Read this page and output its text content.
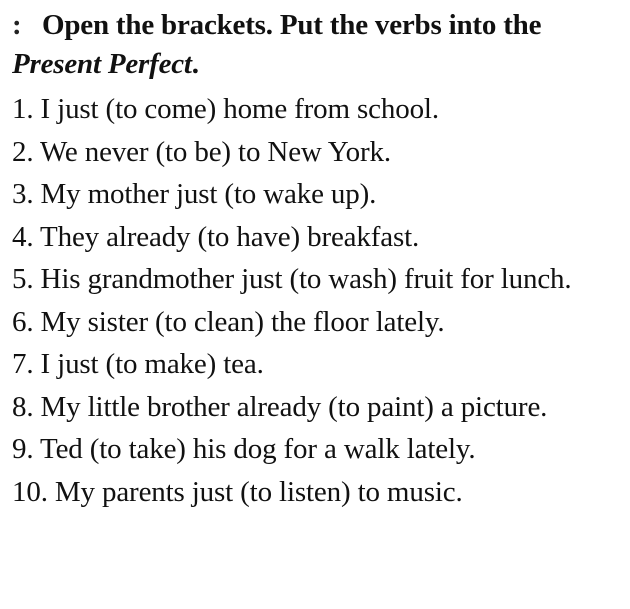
: Open the brackets. Put the verbs into the Present Perfect.
1. I just (to come) home from school.
2. We never (to be) to New York.
3. My mother just (to wake up).
4. They already (to have) breakfast.
5. His grandmother just (to wash) fruit for lunch.
6. My sister (to clean) the floor lately.
7. I just (to make) tea.
8. My little brother already (to paint) a picture.
9. Ted (to take) his dog for a walk lately.
10. My parents just (to listen) to music.
